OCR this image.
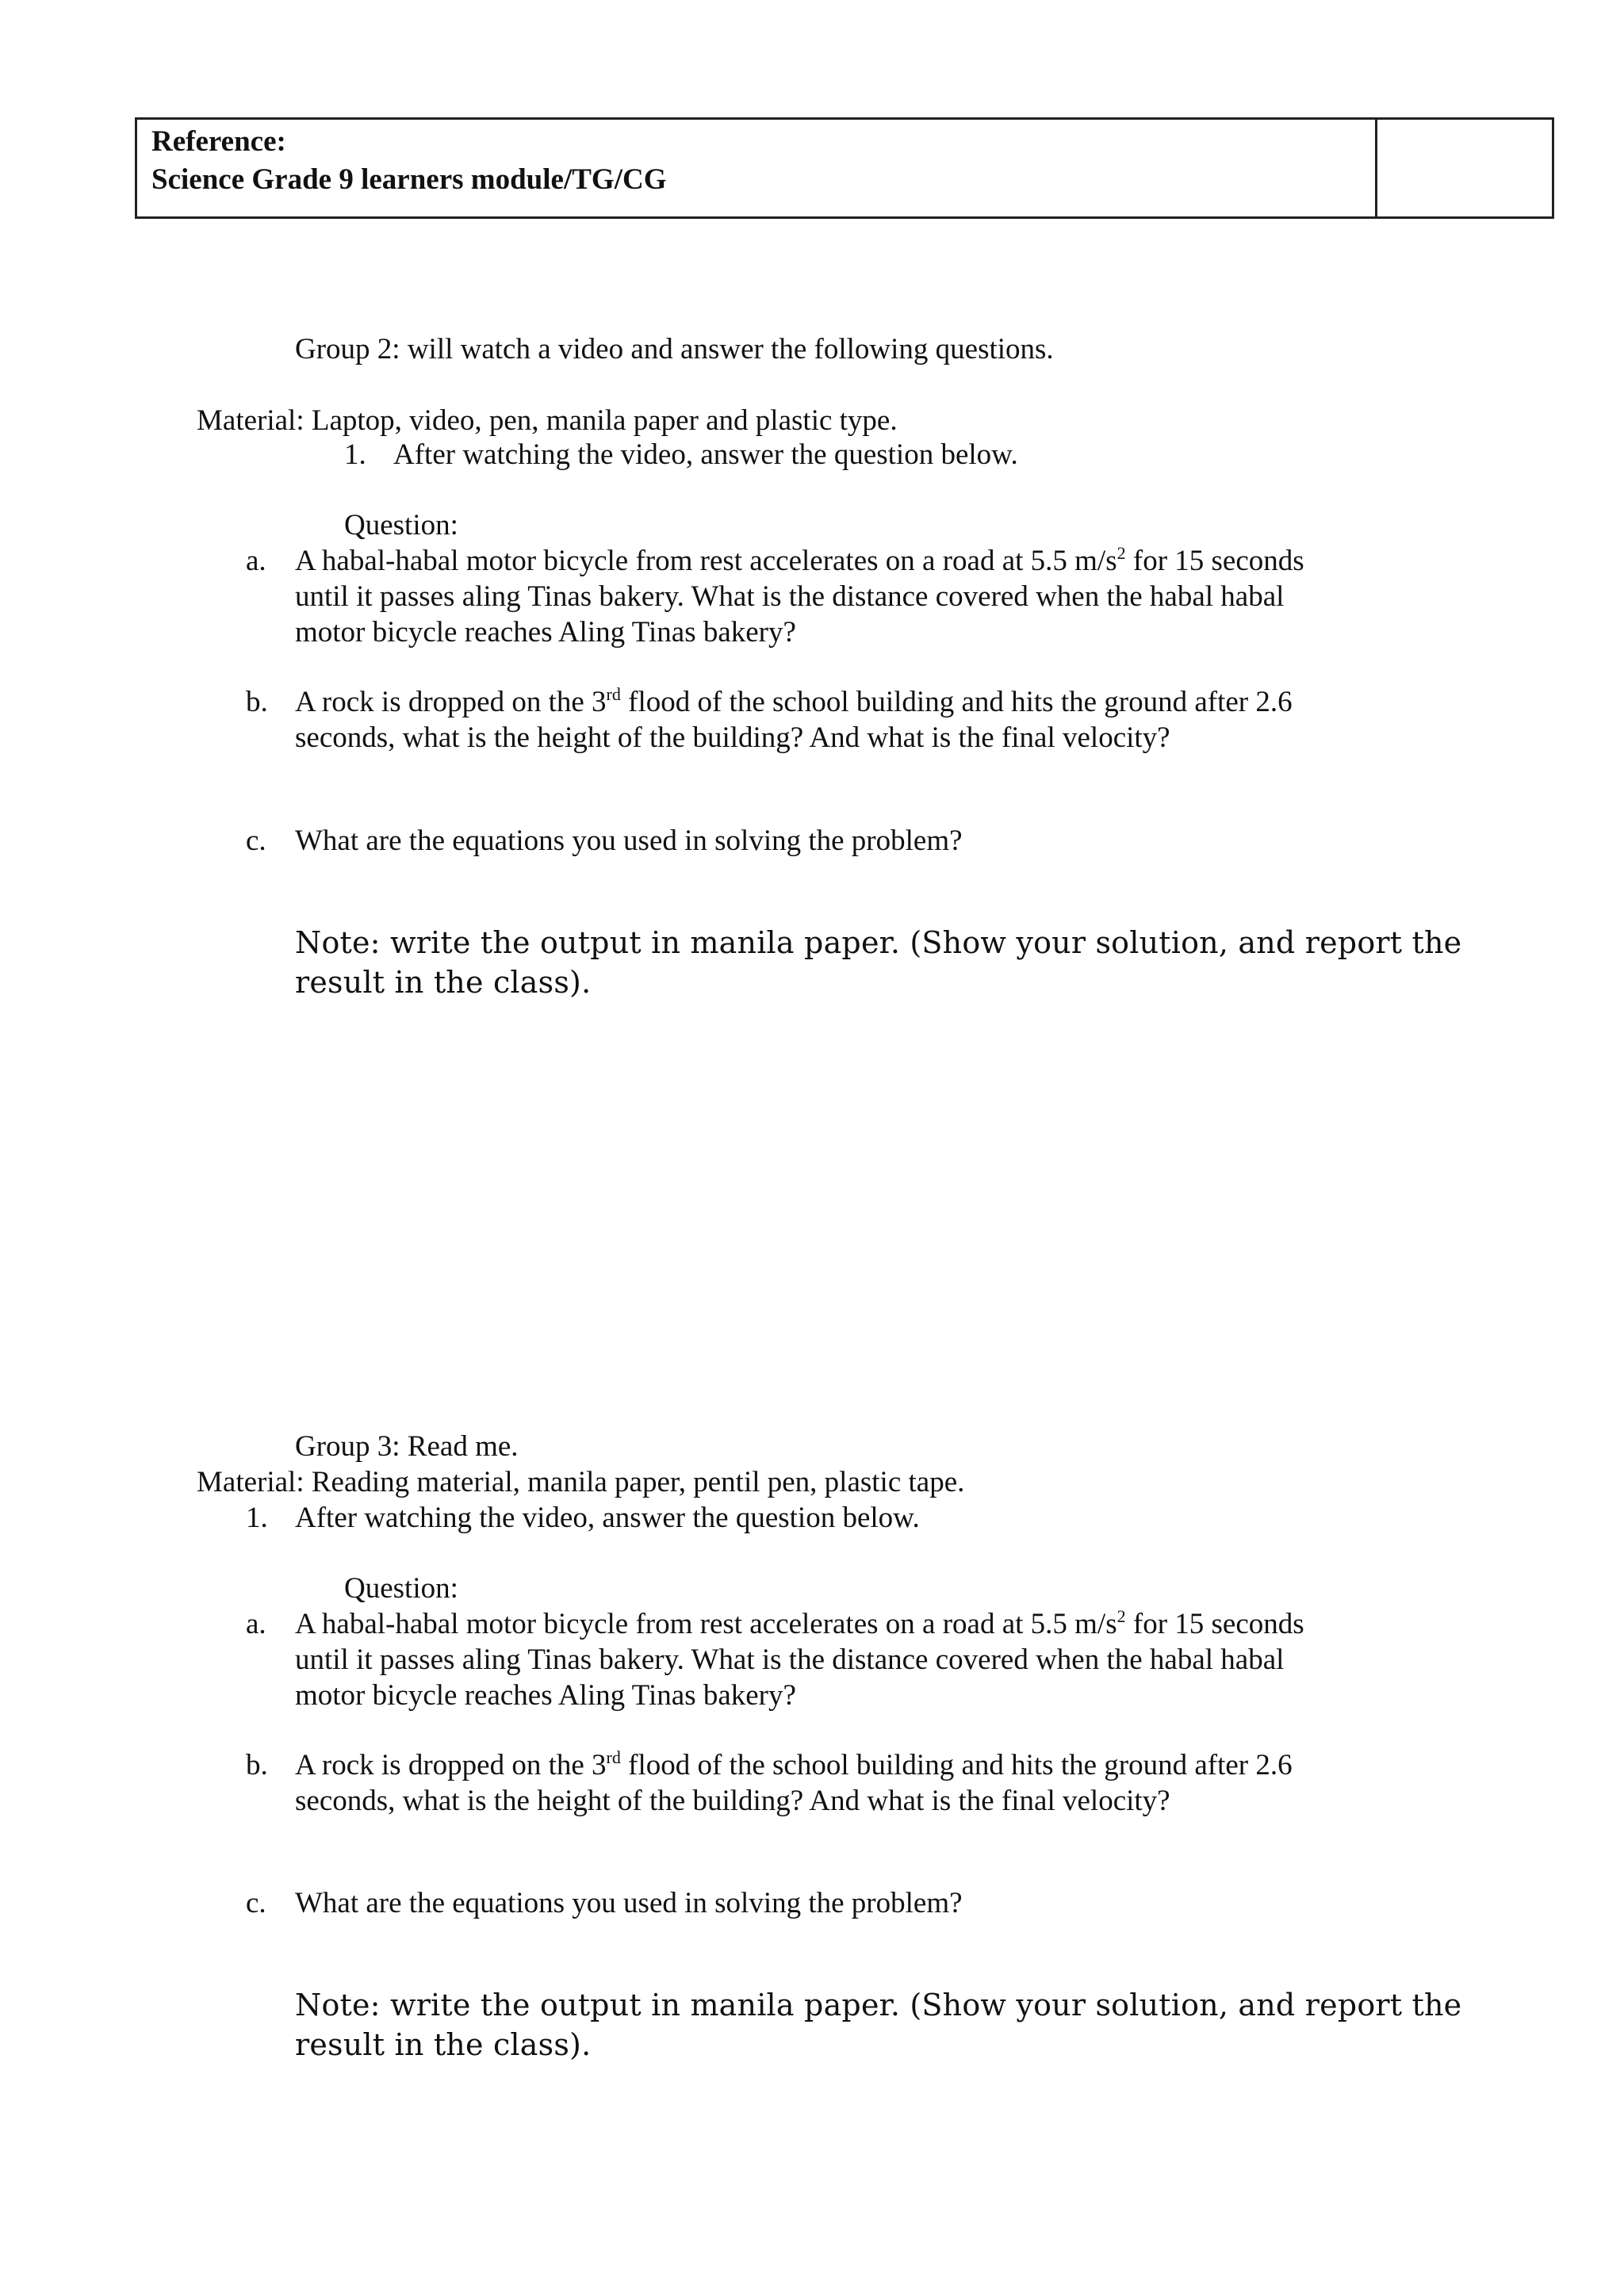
Reference:
Science Grade 9 learners module/TG/CG
Group 2: will watch a video and answer the following questions.
Material: Laptop, video, pen, manila paper and plastic type.
1. After watching the video, answer the question below.
Question:
a. A habal-habal motor bicycle from rest accelerates on a road at 5.5 $m/s^2$ for 15 seconds
until it passes aling Tinas bakery. What is the distance covered when the habal habal
motor bicycle reaches Aling Tinas bakery?
b. A rock is dropped on the 3rd flood of the school building and hits the ground after 2.6
seconds, what is the height of the building? And what is the final velocity?
c. What are the equations you used in solving the problem?
Note: write the output in manila paper. (Show your solution, and report the
result in the class).
Group 3: Read me.
Material: Reading material, manila paper, pentil pen, plastic tape.
1. After watching the video, answer the question below.
Question:
a. A habal-habal motor bicycle from rest accelerates on a road at 5.5 $m/s^2$ for 15 seconds
until it passes aling Tinas bakery. What is the distance covered when the habal habal
motor bicycle reaches Aling Tinas bakery?
b. A rock is dropped on the 3rd flood of the school building and hits the ground after 2.6
seconds, what is the height of the building? And what is the final velocity?
c. What are the equations you used in solving the problem?
Note: write the output in manila paper. (Show your solution, and report the
result in the class).
